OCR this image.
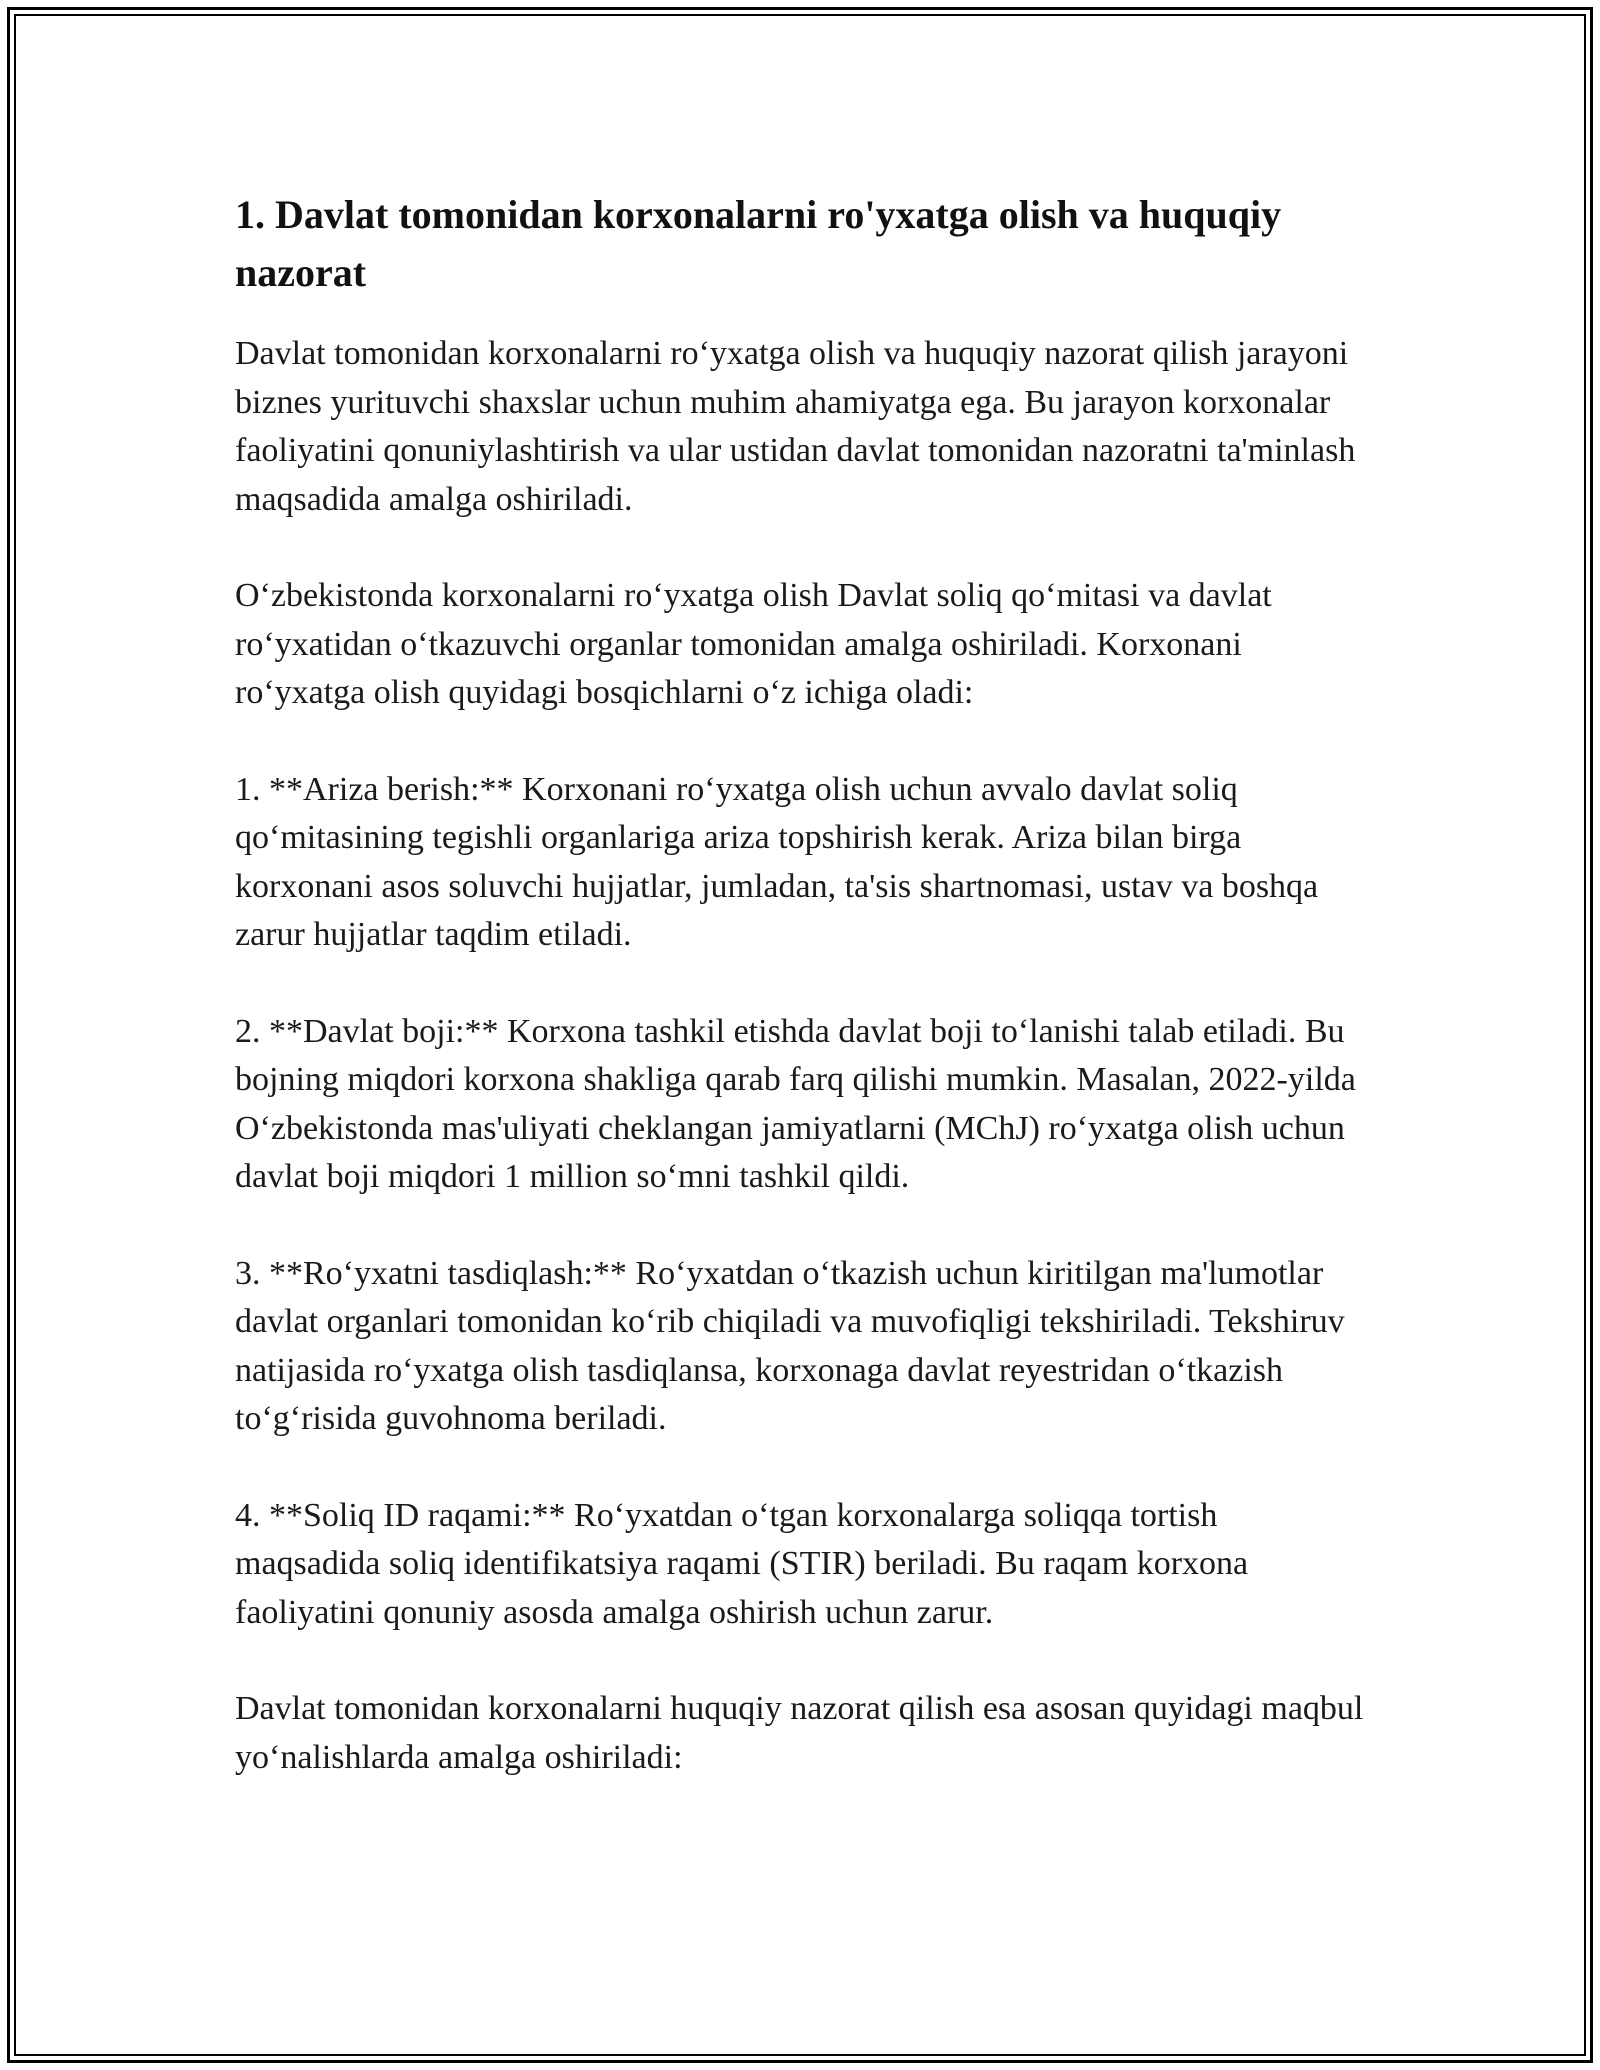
1. Davlat tomonidan korxonalarni ro'yxatga olish va huquqiy nazorat

Davlat tomonidan korxonalarni ro‘yxatga olish va huquqiy nazorat qilish jarayoni biznes yurituvchi shaxslar uchun muhim ahamiyatga ega. Bu jarayon korxonalar faoliyatini qonuniylashtirish va ular ustidan davlat tomonidan nazoratni ta'minlash maqsadida amalga oshiriladi.

O‘zbekistonda korxonalarni ro‘yxatga olish Davlat soliq qo‘mitasi va davlat ro‘yxatidan o‘tkazuvchi organlar tomonidan amalga oshiriladi. Korxonani ro‘yxatga olish quyidagi bosqichlarni o‘z ichiga oladi:

1. **Ariza berish:** Korxonani ro‘yxatga olish uchun avvalo davlat soliq qo‘mitasining tegishli organlariga ariza topshirish kerak. Ariza bilan birga korxonani asos soluvchi hujjatlar, jumladan, ta'sis shartnomasi, ustav va boshqa zarur hujjatlar taqdim etiladi.

2. **Davlat boji:** Korxona tashkil etishda davlat boji to‘lanishi talab etiladi. Bu bojning miqdori korxona shakliga qarab farq qilishi mumkin. Masalan, 2022-yilda O‘zbekistonda mas'uliyati cheklangan jamiyatlarni (MChJ) ro‘yxatga olish uchun davlat boji miqdori 1 million so‘mni tashkil qildi.

3. **Ro‘yxatni tasdiqlash:** Ro‘yxatdan o‘tkazish uchun kiritilgan ma'lumotlar davlat organlari tomonidan ko‘rib chiqiladi va muvofiqligi tekshiriladi. Tekshiruv natijasida ro‘yxatga olish tasdiqlansa, korxonaga davlat reyestridan o‘tkazish to‘g‘risida guvohnoma beriladi.

4. **Soliq ID raqami:** Ro‘yxatdan o‘tgan korxonalarga soliqqa tortish maqsadida soliq identifikatsiya raqami (STIR) beriladi. Bu raqam korxona faoliyatini qonuniy asosda amalga oshirish uchun zarur.

Davlat tomonidan korxonalarni huquqiy nazorat qilish esa asosan quyidagi maqbul yo‘nalishlarda amalga oshiriladi:
